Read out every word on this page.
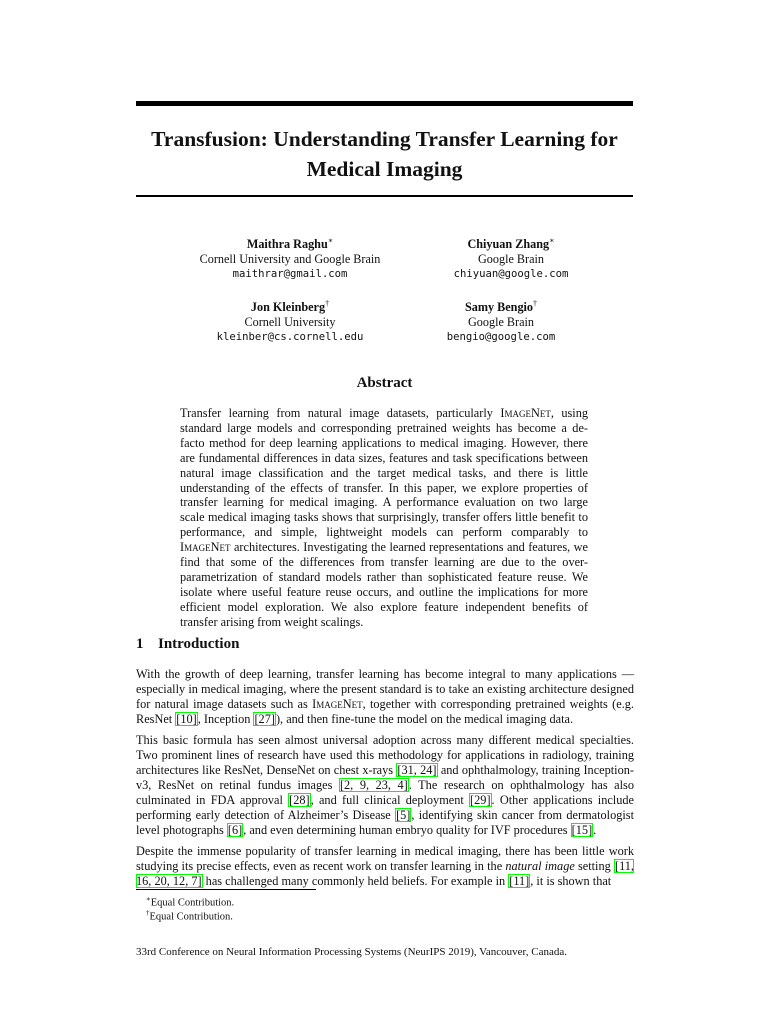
Transfusion: Understanding Transfer Learning for
Medical Imaging
Maithra Raghu∗
Cornell University and Google Brain
maithrar@gmail.com
Chiyuan Zhang∗
Google Brain
chiyuan@google.com
Jon Kleinberg†
Cornell University
kleinber@cs.cornell.edu
Samy Bengio†
Google Brain
bengio@google.com
Abstract

Transfer learning from natural image datasets, particularly ImageNet, using standard large models and corresponding pretrained weights has become a de-facto method for deep learning applications to medical imaging. However, there are fundamental differences in data sizes, features and task specifications between natural image classification and the target medical tasks, and there is little understanding of the effects of transfer. In this paper, we explore properties of transfer learning for medical imaging. A performance evaluation on two large scale medical imaging tasks shows that surprisingly, transfer offers little benefit to performance, and simple, lightweight models can perform comparably to ImageNet architectures. Investigating the learned representations and features, we find that some of the differences from transfer learning are due to the over-parametrization of standard models rather than sophisticated feature reuse. We isolate where useful feature reuse occurs, and outline the implications for more efficient model exploration. We also explore feature independent benefits of transfer arising from weight scalings.

1 Introduction

With the growth of deep learning, transfer learning has become integral to many applications — especially in medical imaging, where the present standard is to take an existing architecture designed for natural image datasets such as ImageNet, together with corresponding pretrained weights (e.g. ResNet [10], Inception [27]), and then fine-tune the model on the medical imaging data.

This basic formula has seen almost universal adoption across many different medical specialties. Two prominent lines of research have used this methodology for applications in radiology, training architectures like ResNet, DenseNet on chest x-rays [31, 24] and ophthalmology, training Inception-v3, ResNet on retinal fundus images [2, 9, 23, 4]. The research on ophthalmology has also culminated in FDA approval [28], and full clinical deployment [29]. Other applications include performing early detection of Alzheimer’s Disease [5], identifying skin cancer from dermatologist level photographs [6], and even determining human embryo quality for IVF procedures [15].

Despite the immense popularity of transfer learning in medical imaging, there has been little work studying its precise effects, even as recent work on transfer learning in the natural image setting [11, 16, 20, 12, 7] has challenged many commonly held beliefs. For example in [11], it is shown that

∗Equal Contribution.
†Equal Contribution.
33rd Conference on Neural Information Processing Systems (NeurIPS 2019), Vancouver, Canada.
